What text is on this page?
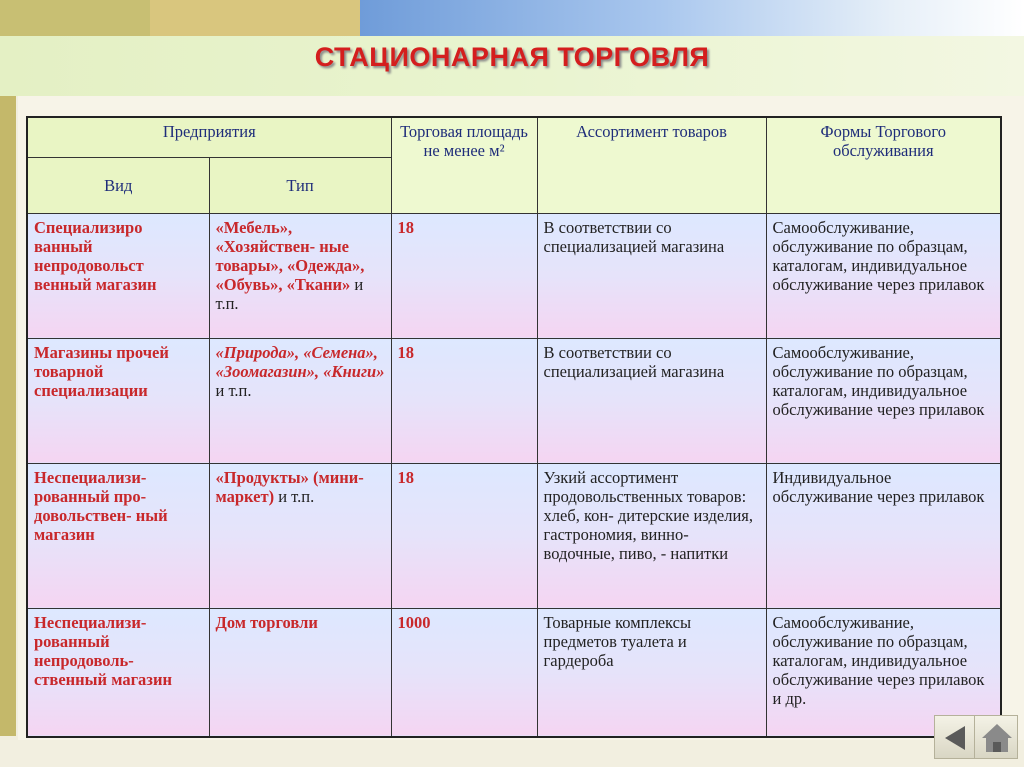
СТАЦИОНАРНАЯ ТОРГОВЛЯ
Предприятия		Торговая площадь не менее м²	Ассортимент товаров	Формы Торгового обслуживания
Вид	Тип			
Специализиро ванный непродовольст венный магазин	«Мебель», «Хозяйствен- ные товары», «Одежда», «Обувь», «Ткани» и т.п.	18	В соответствии со специализацией магазина	Самообслуживание, обслуживание по образцам, каталогам, индивидуальное обслуживание через прилавок
Магазины прочей товарной специализации	«Природа», «Семена», «Зоомагазин», «Книги» и т.п.	18	В соответствии со специализацией магазина	Самообслуживание, обслуживание по образцам, каталогам, индивидуальное обслуживание через прилавок
Неспециализи- рованный про- довольствен- ный магазин	«Продукты» (мини-маркет) и т.п.	18	Узкий ассортимент продовольственных товаров: хлеб, кон- дитерские изделия, гастрономия, винно- водочные, пиво, - напитки	Индивидуальное обслуживание через прилавок
Неспециализи- рованный непродоволь- ственный магазин	Дом торговли	1000	Товарные комплексы предметов туалета и гардероба	Самообслуживание, обслуживание по образцам, каталогам, индивидуальное обслуживание через прилавок и др.
